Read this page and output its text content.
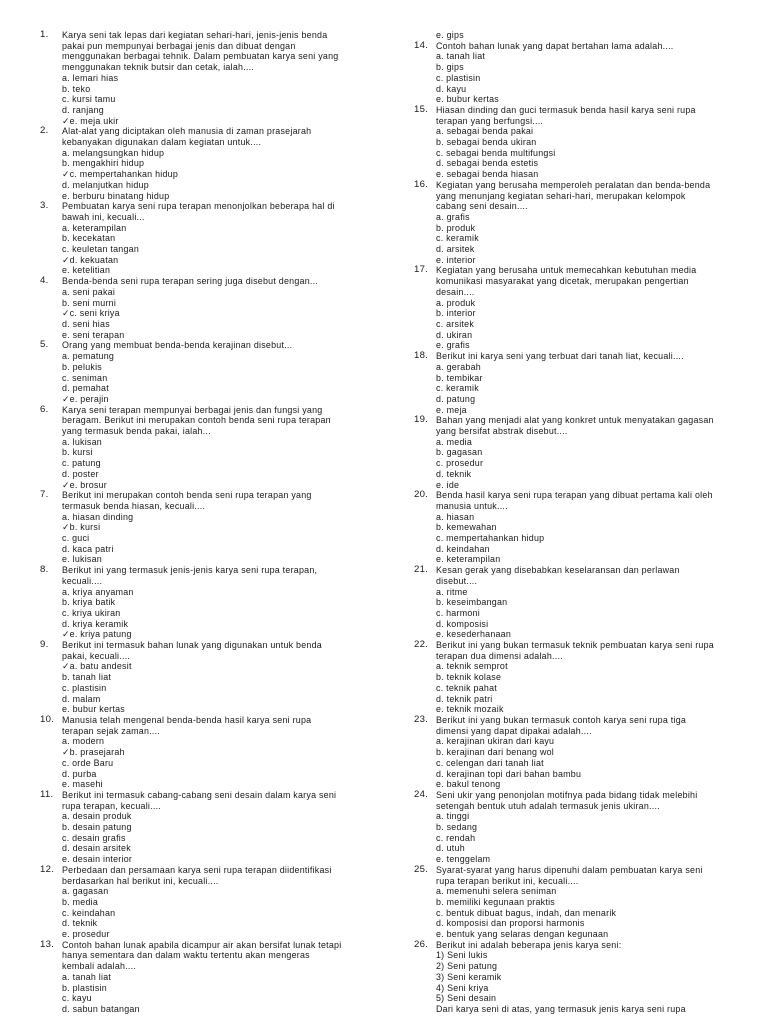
1.	Karya seni tak lepas dari kegiatan sehari-hari, jenis-jenis benda
pakai pun mempunyai berbagai jenis dan dibuat dengan
menggunakan berbagai tehnik. Dalam pembuatan karya seni yang
menggunakan teknik butsir dan cetak, ialah....
a. lemari hias
b. teko
c. kursi tamu
d. ranjang
✓e. meja ukir
2.	Alat-alat yang diciptakan oleh manusia di zaman prasejarah
kebanyakan digunakan dalam kegiatan untuk....
a. melangsungkan hidup
b. mengakhiri hidup
✓c. mempertahankan hidup
d. melanjutkan hidup
e. berburu binatang hidup
3.	Pembuatan karya seni rupa terapan menonjolkan beberapa hal di
bawah ini, kecuali...
a. keterampilan
b. kecekatan
c. keuletan tangan
✓d. kekuatan
e. ketelitian
4.	Benda-benda seni rupa terapan sering juga disebut dengan...
a. seni pakai
b. seni murni
✓c. seni kriya
d. seni hias
e. seni terapan
5.	Orang yang membuat benda-benda kerajinan disebut...
a. pematung
b. pelukis
c. seniman
d. pemahat
✓e. perajin
6.	Karya seni terapan mempunyai berbagai jenis dan fungsi yang
beragam. Berikut ini merupakan contoh benda seni rupa terapan
yang termasuk benda pakai, ialah...
a. lukisan
b. kursi
c. patung
d. poster
✓e. brosur
7.	Berikut ini merupakan contoh benda seni rupa terapan yang
termasuk benda hiasan, kecuali....
a. hiasan dinding
✓b. kursi
c. guci
d. kaca patri
e. lukisan
8.	Berikut ini yang termasuk jenis-jenis karya seni rupa terapan,
kecuali....
a. kriya anyaman
b. kriya batik
c. kriya ukiran
d. kriya keramik
✓e. kriya patung
9.	Berikut ini termasuk bahan lunak yang digunakan untuk benda
pakai, kecuali....
✓a. batu andesit
b. tanah liat
c. plastisin
d. malam
e. bubur kertas
10. Manusia telah mengenal benda-benda hasil karya seni rupa
terapan sejak zaman....
a. modern
✓b. prasejarah
c. orde Baru
d. purba
e. masehi
11. Berikut ini termasuk cabang-cabang seni desain dalam karya seni
rupa terapan, kecuali....
a. desain produk
b. desain patung
c. desain grafis
d. desain arsitek
e. desain interior
12. Perbedaan dan persamaan karya seni rupa terapan diidentifikasi
berdasarkan hal berikut ini, kecuali....
a. gagasan
b. media
c. keindahan
d. teknik
e. prosedur
13. Contoh bahan lunak apabila dicampur air akan bersifat lunak tetapi
hanya sementara dan dalam waktu tertentu akan mengeras
kembali adalah....
a. tanah liat
b. plastisin
c. kayu
d. sabun batangan
e. gips
14. Contoh bahan lunak yang dapat bertahan lama adalah....
a. tanah liat
b. gips
c. plastisin
d. kayu
e. bubur kertas
15. Hiasan dinding dan guci termasuk benda hasil karya seni rupa
terapan yang berfungsi....
a. sebagai benda pakai
b. sebagai benda ukiran
c. sebagai benda multifungsi
d. sebagai benda estetis
e. sebagai benda hiasan
16. Kegiatan yang berusaha memperoleh peralatan dan benda-benda
yang menunjang kegiatan sehari-hari, merupakan kelompok
cabang seni desain....
a. grafis
b. produk
c. keramik
d. arsitek
e. interior
17. Kegiatan yang berusaha untuk memecahkan kebutuhan media
komunikasi masyarakat yang dicetak, merupakan pengertian
desain....
a. produk
b. interior
c. arsitek
d. ukiran
e. grafis
18. Berikut ini karya seni yang terbuat dari tanah liat, kecuali....
a. gerabah
b. tembikar
c. keramik
d. patung
e. meja
19. Bahan yang menjadi alat yang konkret untuk menyatakan gagasan
yang bersifat abstrak disebut....
a. media
b. gagasan
c. prosedur
d. teknik
e. ide
20. Benda hasil karya seni rupa terapan yang dibuat pertama kali oleh
manusia untuk....
a. hiasan
b. kemewahan
c. mempertahankan hidup
d. keindahan
e. keterampilan
21. Kesan gerak yang disebabkan keselaransan dan perlawan
disebut....
a. ritme
b. keseimbangan
c. harmoni
d. komposisi
e. kesederhanaan
22. Berikut ini yang bukan termasuk teknik pembuatan karya seni rupa
terapan dua dimensi adalah....
a. teknik semprot
b. teknik kolase
c. teknik pahat
d. teknik patri
e. teknik mozaik
23. Berikut ini yang bukan termasuk contoh karya seni rupa tiga
dimensi yang dapat dipakai adalah....
a. kerajinan ukiran dari kayu
b. kerajinan dari benang wol
c. celengan dari tanah liat
d. kerajinan topi dari bahan bambu
e. bakul tenong
24. Seni ukir yang penonjolan motifnya pada bidang tidak melebihi
setengah bentuk utuh adalah termasuk jenis ukiran....
a. tinggi
b. sedang
c. rendah
d. utuh
e. tenggelam
25. Syarat-syarat yang harus dipenuhi dalam pembuatan karya seni
rupa terapan berikut ini, kecuali....
a. memenuhi selera seniman
b. memiliki kegunaan praktis
c. bentuk dibuat bagus, indah, dan menarik
d. komposisi dan proporsi harmonis
e. bentuk yang selaras dengan kegunaan
26. Berikut ini adalah beberapa jenis karya seni:
1) Seni lukis
2) Seni patung
3) Seni keramik
4) Seni kriya
5) Seni desain
Dari karya seni di atas, yang termasuk jenis karya seni rupa
